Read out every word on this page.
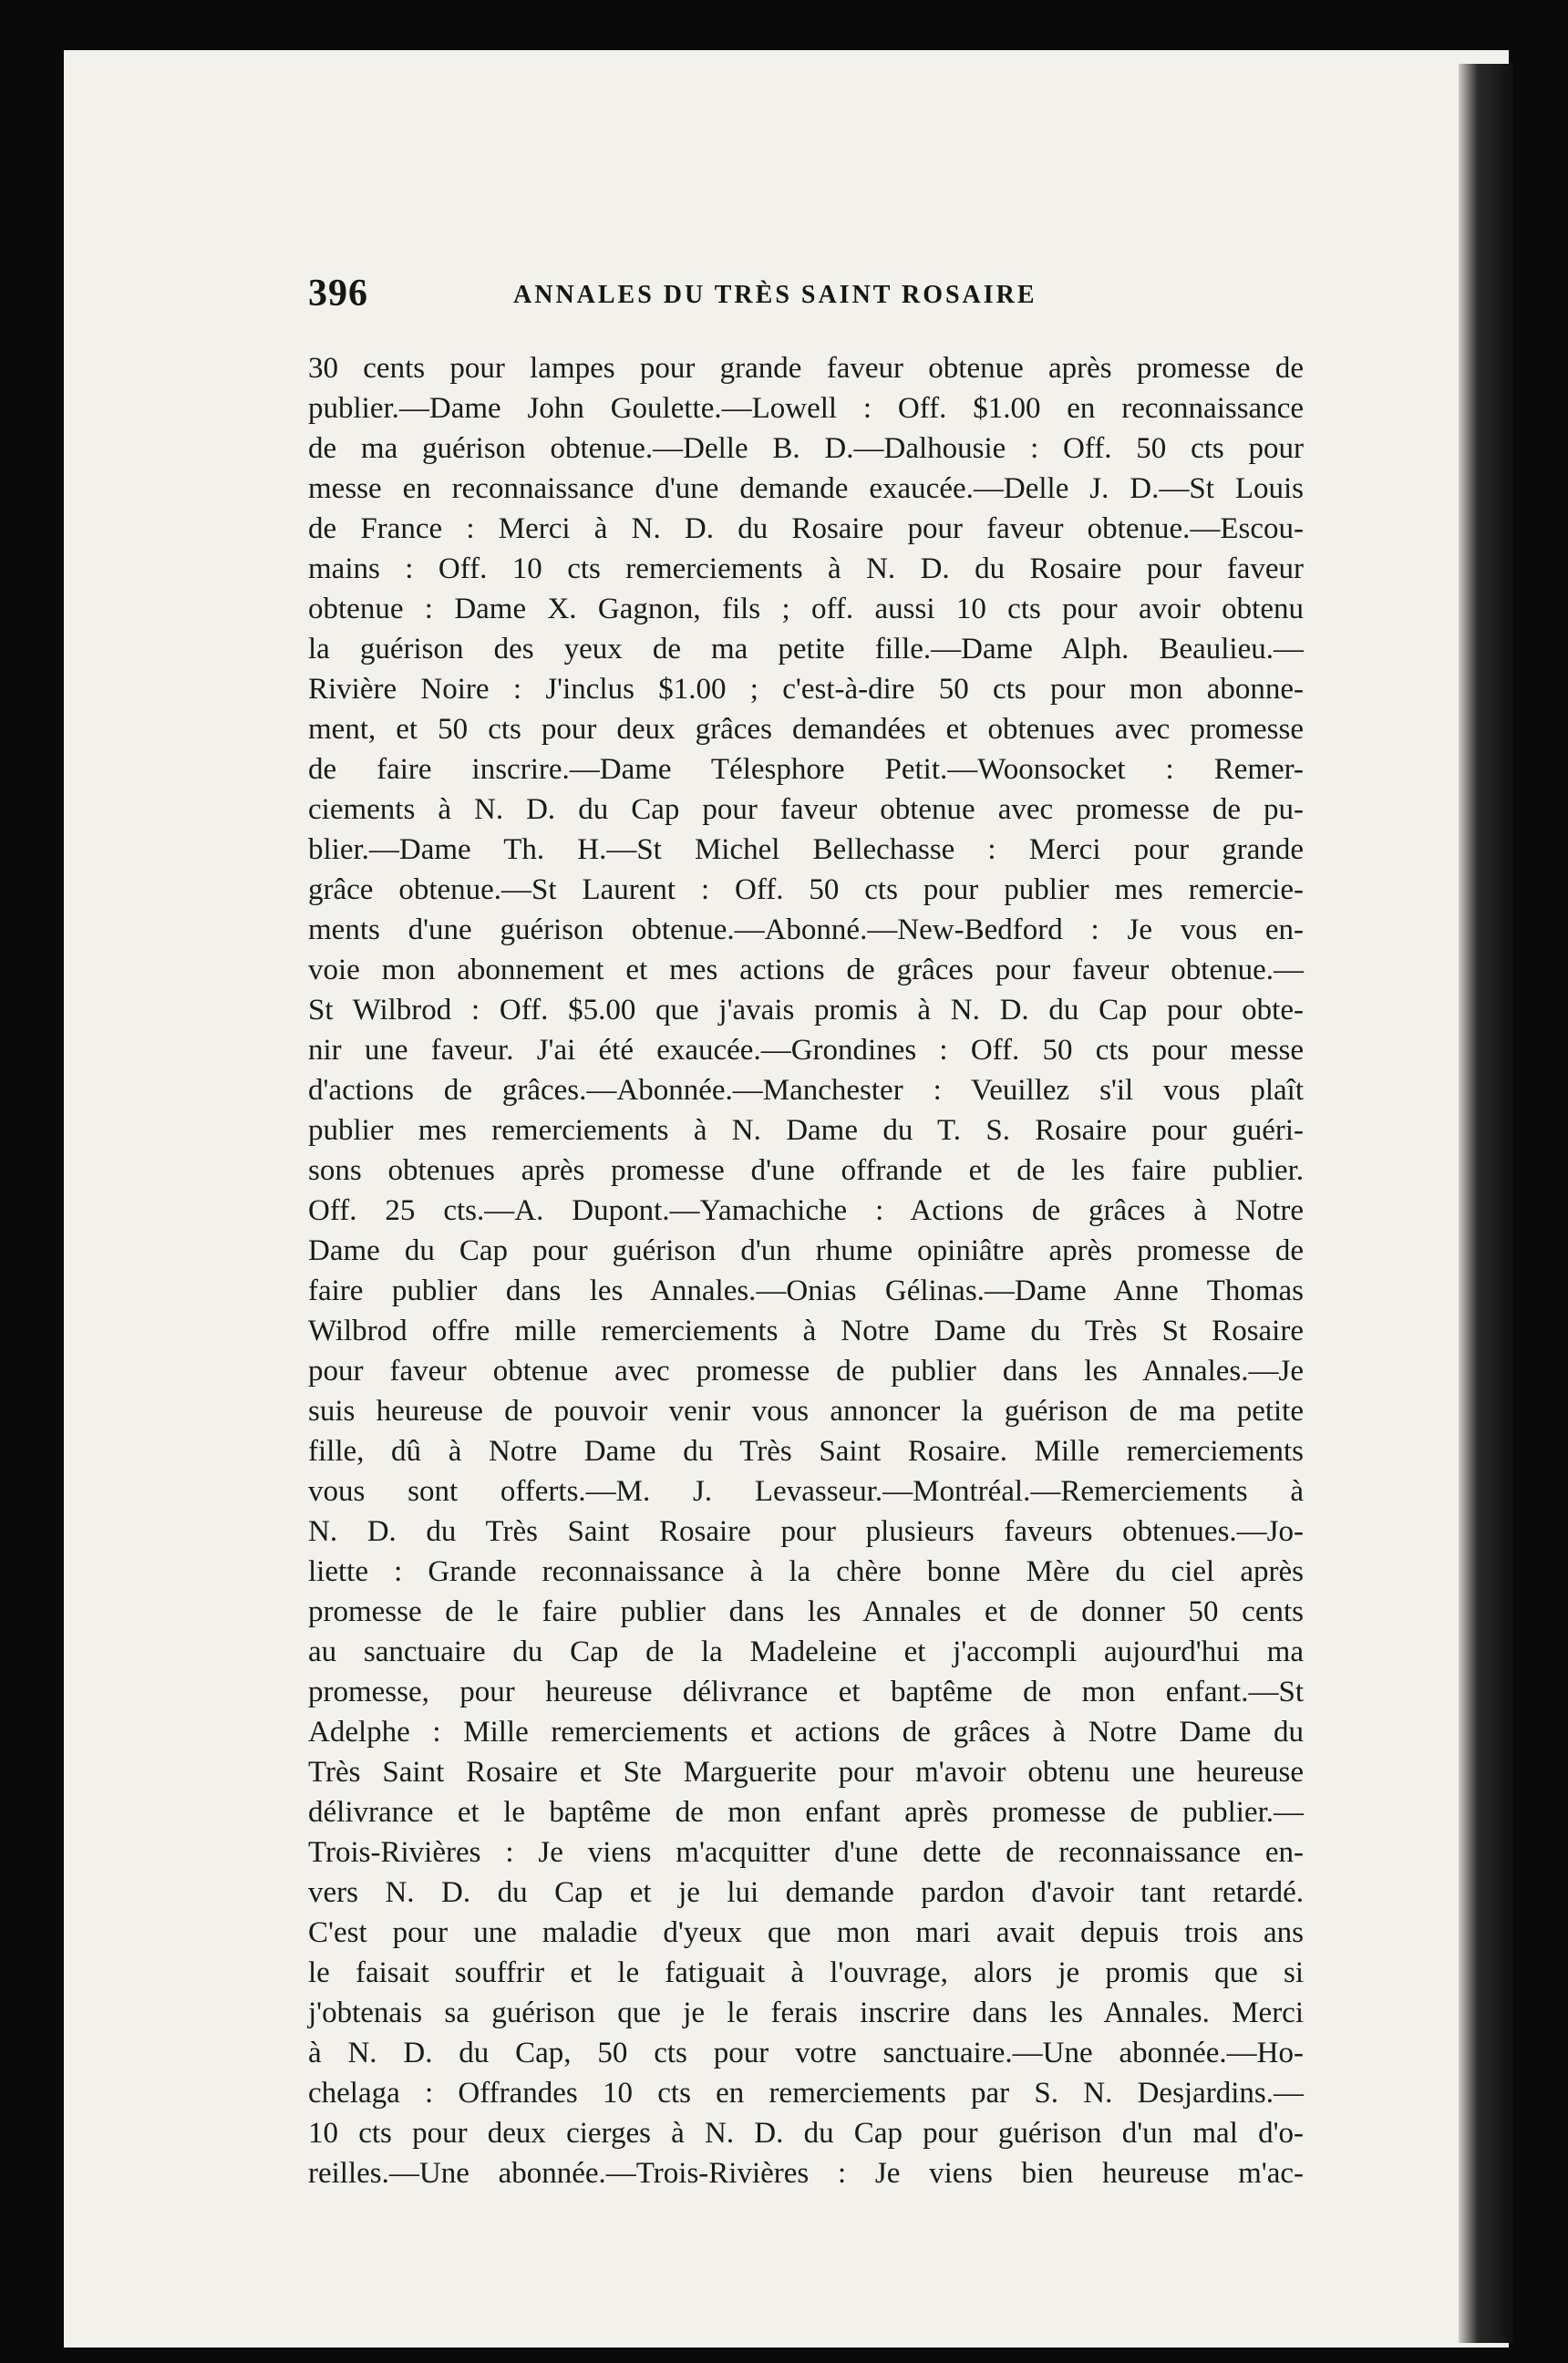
396	ANNALES DU TRÈS SAINT ROSAIRE
30 cents pour lampes pour grande faveur obtenue après promesse de
publier.—Dame John Goulette.—Lowell : Off. $1.00 en reconnaissance
de ma guérison obtenue.—Delle B. D.—Dalhousie : Off. 50 cts pour
messe en reconnaissance d'une demande exaucée.—Delle J. D.—St Louis
de France : Merci à N. D. du Rosaire pour faveur obtenue.—Escou-
mains : Off. 10 cts remerciements à N. D. du Rosaire pour faveur
obtenue : Dame X. Gagnon, fils ; off. aussi 10 cts pour avoir obtenu
la guérison des yeux de ma petite fille.—Dame Alph. Beaulieu.—
Rivière Noire : J'inclus $1.00 ; c'est-à-dire 50 cts pour mon abonne-
ment, et 50 cts pour deux grâces demandées et obtenues avec promesse
de faire inscrire.—Dame Télesphore Petit.—Woonsocket : Remer-
ciements à N. D. du Cap pour faveur obtenue avec promesse de pu-
blier.—Dame Th. H.—St Michel Bellechasse : Merci pour grande
grâce obtenue.—St Laurent : Off. 50 cts pour publier mes remercie-
ments d'une guérison obtenue.—Abonné.—New-Bedford : Je vous en-
voie mon abonnement et mes actions de grâces pour faveur obtenue.—
St Wilbrod : Off. $5.00 que j'avais promis à N. D. du Cap pour obte-
nir une faveur. J'ai été exaucée.—Grondines : Off. 50 cts pour messe
d'actions de grâces.—Abonnée.—Manchester : Veuillez s'il vous plaît
publier mes remerciements à N. Dame du T. S. Rosaire pour guéri-
sons obtenues après promesse d'une offrande et de les faire publier.
Off. 25 cts.—A. Dupont.—Yamachiche : Actions de grâces à Notre
Dame du Cap pour guérison d'un rhume opiniâtre après promesse de
faire publier dans les Annales.—Onias Gélinas.—Dame Anne Thomas
Wilbrod offre mille remerciements à Notre Dame du Très St Rosaire
pour faveur obtenue avec promesse de publier dans les Annales.—Je
suis heureuse de pouvoir venir vous annoncer la guérison de ma petite
fille, dû à Notre Dame du Très Saint Rosaire. Mille remerciements
vous sont offerts.—M. J. Levasseur.—Montréal.—Remerciements à
N. D. du Très Saint Rosaire pour plusieurs faveurs obtenues.—Jo-
liette : Grande reconnaissance à la chère bonne Mère du ciel après
promesse de le faire publier dans les Annales et de donner 50 cents
au sanctuaire du Cap de la Madeleine et j'accompli aujourd'hui ma
promesse, pour heureuse délivrance et baptême de mon enfant.—St
Adelphe : Mille remerciements et actions de grâces à Notre Dame du
Très Saint Rosaire et Ste Marguerite pour m'avoir obtenu une heureuse
délivrance et le baptême de mon enfant après promesse de publier.—
Trois-Rivières : Je viens m'acquitter d'une dette de reconnaissance en-
vers N. D. du Cap et je lui demande pardon d'avoir tant retardé.
C'est pour une maladie d'yeux que mon mari avait depuis trois ans
le faisait souffrir et le fatiguait à l'ouvrage, alors je promis que si
j'obtenais sa guérison que je le ferais inscrire dans les Annales. Merci
à N. D. du Cap, 50 cts pour votre sanctuaire.—Une abonnée.—Ho-
chelaga : Offrandes 10 cts en remerciements par S. N. Desjardins.—
10 cts pour deux cierges à N. D. du Cap pour guérison d'un mal d'o-
reilles.—Une abonnée.—Trois-Rivières : Je viens bien heureuse m'ac-
